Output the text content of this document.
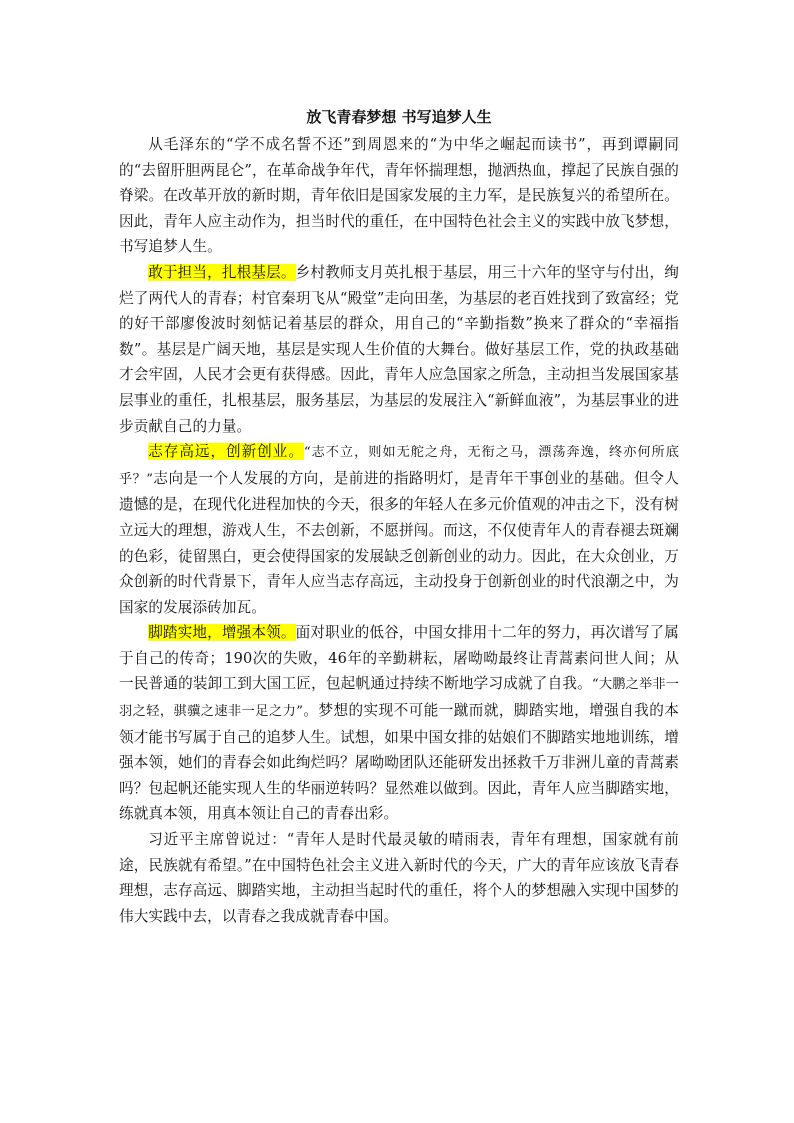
放飞青春梦想 书写追梦人生

从毛泽东的“学不成名誓不还”到周恩来的“为中华之崛起而读书”，再到谭嗣同的“去留肝胆两昆仑”，在革命战争年代，青年怀揣理想，抛洒热血，撑起了民族自强的脊梁。在改革开放的新时期，青年依旧是国家发展的主力军，是民族复兴的希望所在。因此，青年人应主动作为，担当时代的重任，在中国特色社会主义的实践中放飞梦想，书写追梦人生。

敢于担当，扎根基层。乡村教师支月英扎根于基层，用三十六年的坚守与付出，绚烂了两代人的青春；村官秦玥飞从“殿堂”走向田垄，为基层的老百姓找到了致富经；党的好干部廖俊波时刻惦记着基层的群众，用自己的“辛勤指数”换来了群众的“幸福指数”。基层是广阔天地，基层是实现人生价值的大舞台。做好基层工作，党的执政基础才会牢固，人民才会更有获得感。因此，青年人应急国家之所急，主动担当发展国家基层事业的重任，扎根基层，服务基层，为基层的发展注入“新鲜血液”，为基层事业的进步贡献自己的力量。

志存高远，创新创业。“志不立，则如无舵之舟，无衔之马，漂荡奔逸，终亦何所底乎？”志向是一个人发展的方向，是前进的指路明灯，是青年干事创业的基础。但令人遗憾的是，在现代化进程加快的今天，很多的年轻人在多元价值观的冲击之下，没有树立远大的理想，游戏人生，不去创新，不愿拼闯。而这，不仅使青年人的青春褪去斑斓的色彩，徒留黑白，更会使得国家的发展缺乏创新创业的动力。因此，在大众创业，万众创新的时代背景下，青年人应当志存高远，主动投身于创新创业的时代浪潮之中，为国家的发展添砖加瓦。

脚踏实地，增强本领。面对职业的低谷，中国女排用十二年的努力，再次谱写了属于自己的传奇；190次的失败，46年的辛勤耕耘，屠呦呦最终让青蒿素问世人间；从一民普通的装卸工到大国工匠，包起帆通过持续不断地学习成就了自我。“大鹏之举非一羽之轻，骐骥之速非一足之力”。梦想的实现不可能一蹴而就，脚踏实地，增强自我的本领才能书写属于自己的追梦人生。试想，如果中国女排的姑娘们不脚踏实地地训练，增强本领，她们的青春会如此绚烂吗？屠呦呦团队还能研发出拯救千万非洲儿童的青蒿素吗？包起帆还能实现人生的华丽逆转吗？显然难以做到。因此，青年人应当脚踏实地，练就真本领，用真本领让自己的青春出彩。

习近平主席曾说过：“青年人是时代最灵敏的晴雨表，青年有理想，国家就有前途，民族就有希望。”在中国特色社会主义进入新时代的今天，广大的青年应该放飞青春理想，志存高远、脚踏实地，主动担当起时代的重任，将个人的梦想融入实现中国梦的伟大实践中去，以青春之我成就青春中国。
